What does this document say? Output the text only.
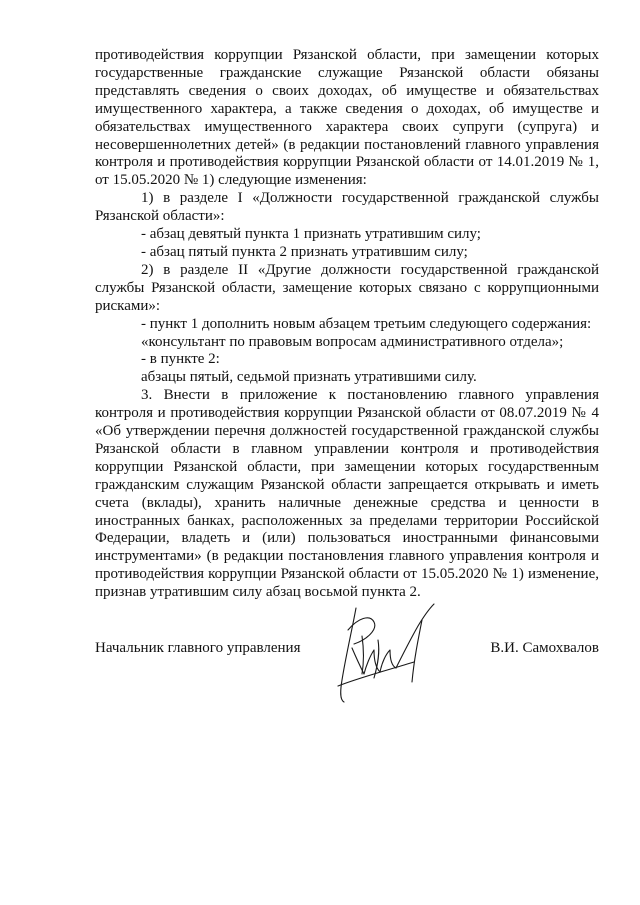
противодействия коррупции Рязанской области, при замещении которых государственные гражданские служащие Рязанской области обязаны представлять сведения о своих доходах, об имуществе и обязательствах имущественного характера, а также сведения о доходах, об имуществе и обязательствах имущественного характера своих супруги (супруга) и несовершеннолетних детей» (в редакции постановлений главного управления контроля и противодействия коррупции Рязанской области от 14.01.2019 № 1, от 15.05.2020 № 1) следующие изменения:

1) в разделе I «Должности государственной гражданской службы Рязанской области»:

- абзац девятый пункта 1 признать утратившим силу;

- абзац пятый пункта 2 признать утратившим силу;

2) в разделе II «Другие должности государственной гражданской службы Рязанской области, замещение которых связано с коррупционными рисками»:

- пункт 1 дополнить новым абзацем третьим следующего содержания:

«консультант по правовым вопросам административного отдела»;

- в пункте 2:

абзацы пятый, седьмой признать утратившими силу.

3. Внести в приложение к постановлению главного управления контроля и противодействия коррупции Рязанской области от 08.07.2019 № 4 «Об утверждении перечня должностей государственной гражданской службы Рязанской области в главном управлении контроля и противодействия коррупции Рязанской области, при замещении которых государственным гражданским служащим Рязанской области запрещается открывать и иметь счета (вклады), хранить наличные денежные средства и ценности в иностранных банках, расположенных за пределами территории Российской Федерации, владеть и (или) пользоваться иностранными финансовыми инструментами» (в редакции постановления главного управления контроля и противодействия коррупции Рязанской области от 15.05.2020 № 1) изменение, признав утратившим силу абзац восьмой пункта 2.

Начальник главного управления	В.И. Самохвалов
